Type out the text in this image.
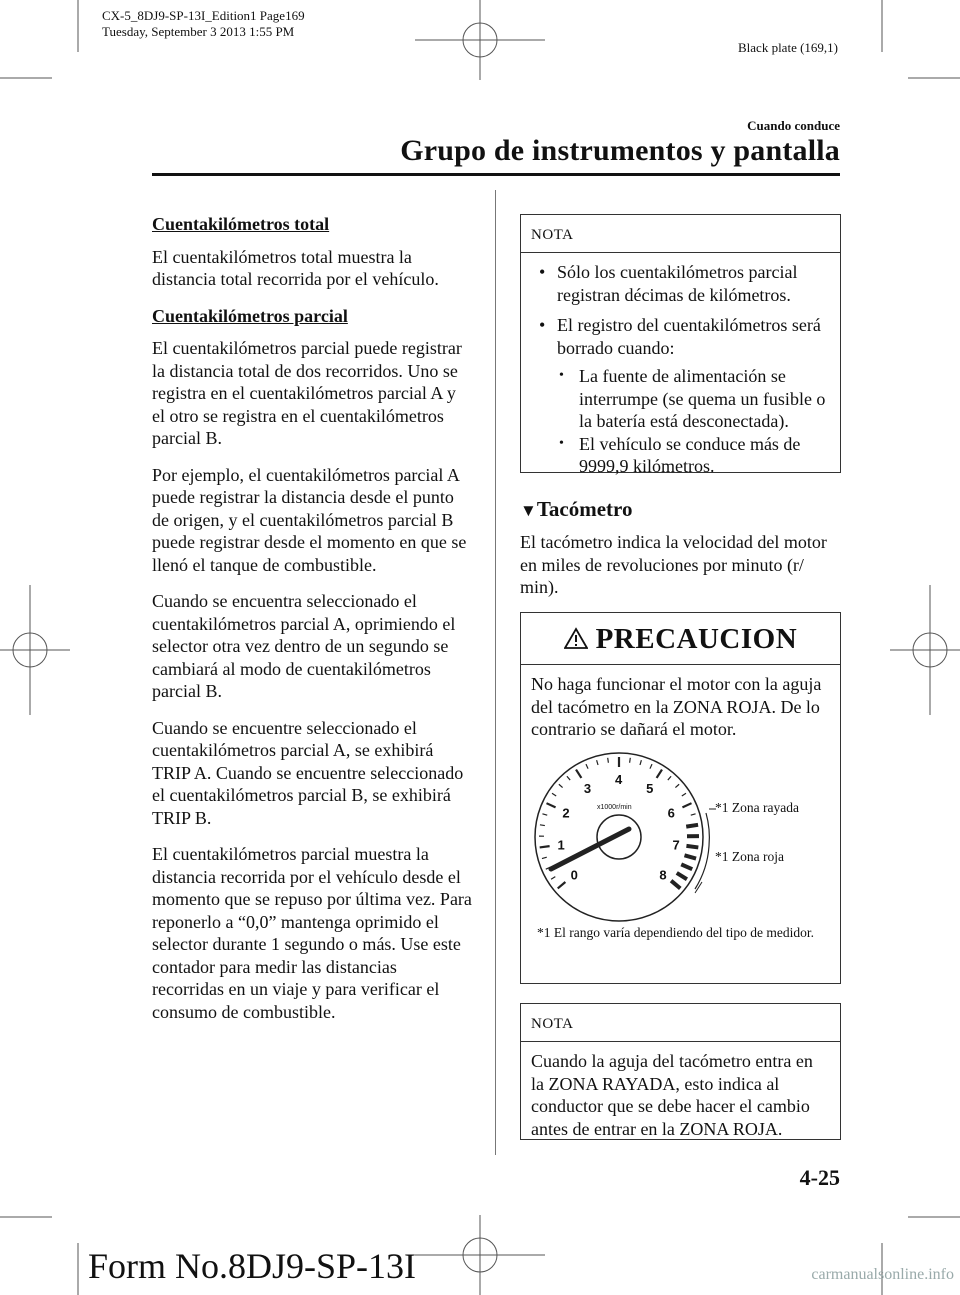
CX-5_8DJ9-SP-13I_Edition1 Page169
Tuesday, September 3 2013 1:55 PM
Black plate (169,1)
Cuando conduce
Grupo de instrumentos y pantalla
Cuentakilómetros total

El cuentakilómetros total muestra la distancia total recorrida por el vehículo.

Cuentakilómetros parcial

El cuentakilómetros parcial puede registrar la distancia total de dos recorridos. Uno se registra en el cuentakilómetros parcial A y el otro se registra en el cuentakilómetros parcial B.

Por ejemplo, el cuentakilómetros parcial A puede registrar la distancia desde el punto de origen, y el cuentakilómetros parcial B puede registrar desde el momento en que se llenó el tanque de combustible.

Cuando se encuentra seleccionado el cuentakilómetros parcial A, oprimiendo el selector otra vez dentro de un segundo se cambiará al modo de cuentakilómetros parcial B.

Cuando se encuentre seleccionado el cuentakilómetros parcial A, se exhibirá TRIP A. Cuando se encuentre seleccionado el cuentakilómetros parcial B, se exhibirá TRIP B.

El cuentakilómetros parcial muestra la distancia recorrida por el vehículo desde el momento que se repuso por última vez. Para reponerlo a “0,0” mantenga oprimido el selector durante 1 segundo o más. Use este contador para medir las distancias recorridas en un viaje y para verificar el consumo de combustible.

NOTA
• Sólo los cuentakilómetros parcial registran décimas de kilómetros.
• El registro del cuentakilómetros será borrado cuando:
• La fuente de alimentación se interrumpe (se quema un fusible o la batería está desconectada).
• El vehículo se conduce más de 9999,9 kilómetros.
▼Tacómetro
El tacómetro indica la velocidad del motor en miles de revoluciones por minuto (r/ min).
PRECAUCION
No haga funcionar el motor con la aguja del tacómetro en la ZONA ROJA. De lo contrario se dañará el motor.
0
1
2
3
4
5
6
7
8
x1000r/min	*1 Zona rayada
*1 Zona roja
*1 El rango varía dependiendo del tipo de medidor.
NOTA
Cuando la aguja del tacómetro entra en la ZONA RAYADA, esto indica al conductor que se debe hacer el cambio antes de entrar en la ZONA ROJA.
4-25
Form No.8DJ9-SP-13I	carmanualsonline.info
